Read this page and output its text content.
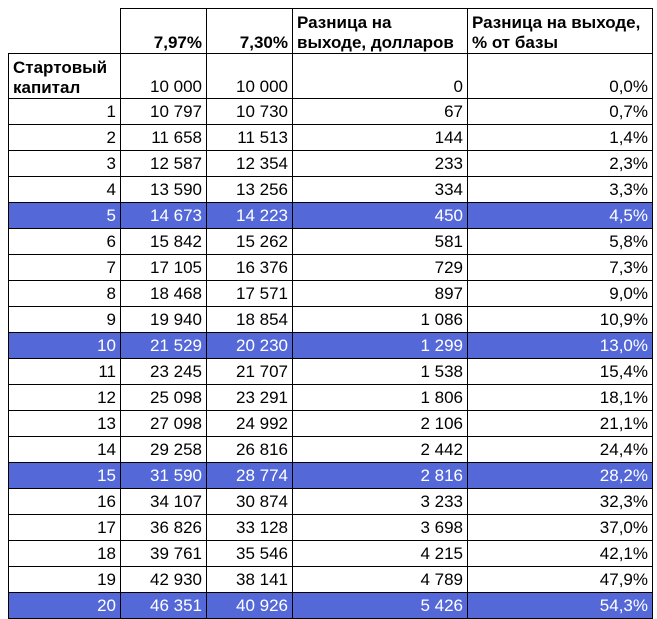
	7,97%	7,30%	Разница на выходе, долларов	Разница на выходе, % от базы
Стартовый капитал	10 000	10 000	0	0,0%
1	10 797	10 730	67	0,7%
2	11 658	11 513	144	1,4%
3	12 587	12 354	233	2,3%
4	13 590	13 256	334	3,3%
5	14 673	14 223	450	4,5%
6	15 842	15 262	581	5,8%
7	17 105	16 376	729	7,3%
8	18 468	17 571	897	9,0%
9	19 940	18 854	1 086	10,9%
10	21 529	20 230	1 299	13,0%
11	23 245	21 707	1 538	15,4%
12	25 098	23 291	1 806	18,1%
13	27 098	24 992	2 106	21,1%
14	29 258	26 816	2 442	24,4%
15	31 590	28 774	2 816	28,2%
16	34 107	30 874	3 233	32,3%
17	36 826	33 128	3 698	37,0%
18	39 761	35 546	4 215	42,1%
19	42 930	38 141	4 789	47,9%
20	46 351	40 926	5 426	54,3%
